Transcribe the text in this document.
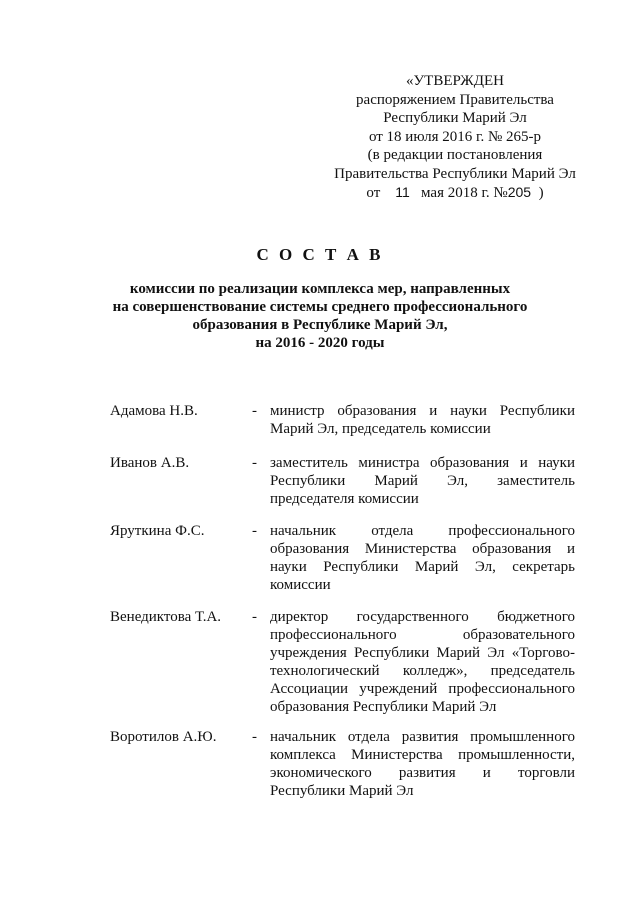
«УТВЕРЖДЕН
распоряжением Правительства
Республики Марий Эл
от 18 июля 2016 г. № 265-р
(в редакции постановления
Правительства Республики Марий Эл
от 11 мая 2018 г. №205 )
С О С Т А В
комиссии по реализации комплекса мер, направленных
на совершенствование системы среднего профессионального
образования в Республике Марий Эл,
на 2016 - 2020 годы
Адамова Н.В.	- министр образования и науки Республики
Марий Эл, председатель комиссии
Иванов А.В.	- заместитель министра образования и науки
Республики Марий Эл, заместитель
председателя комиссии
Яруткина Ф.С.	- начальник отдела профессионального
образования Министерства образования и
науки Республики Марий Эл, секретарь
комиссии
Венедиктова Т.А. - директор государственного бюджетного
профессионального образовательного
учреждения Республики Марий Эл «Торгово-
технологический колледж», председатель
Ассоциации учреждений профессионального
образования Республики Марий Эл
Воротилов А.Ю. - начальник отдела развития промышленного
комплекса Министерства промышленности,
экономического развития и торговли
Республики Марий Эл
